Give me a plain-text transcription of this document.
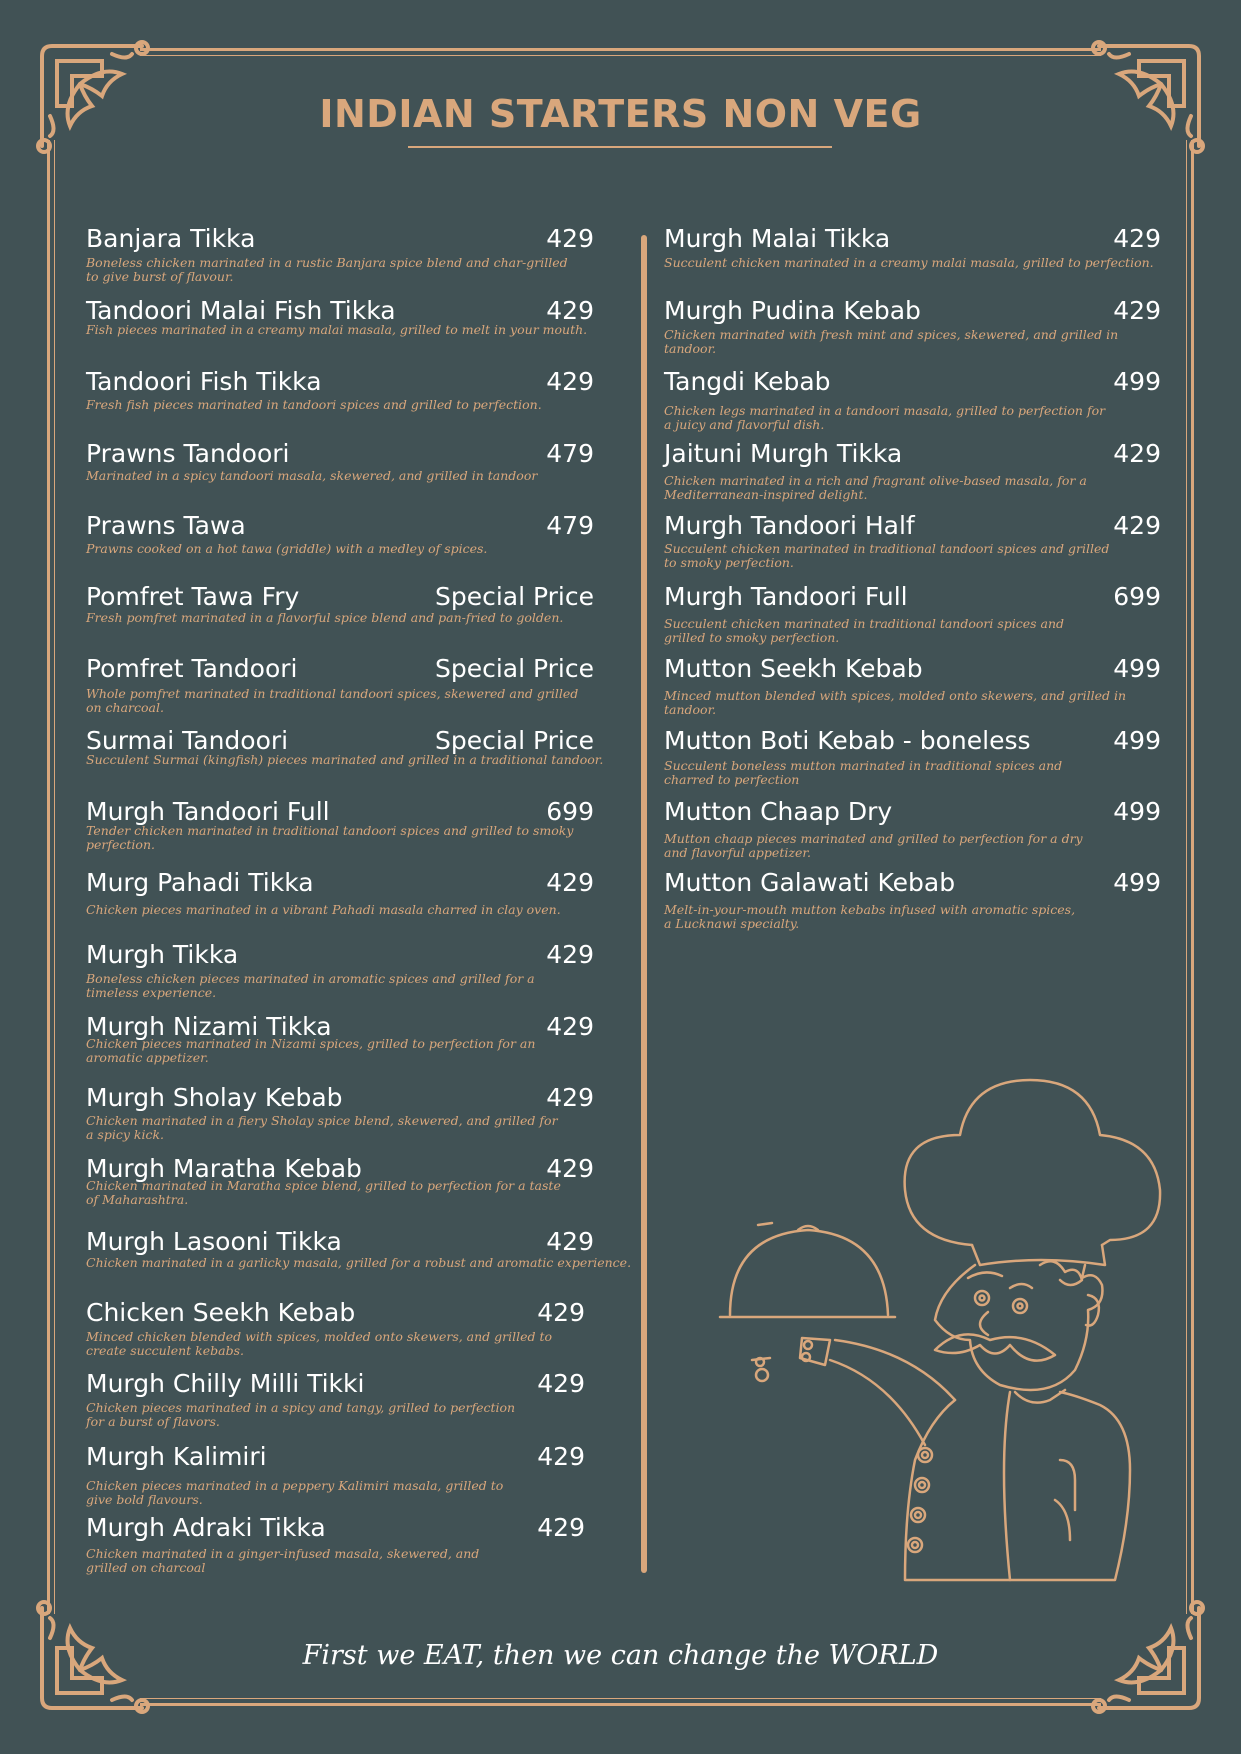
INDIAN STARTERS NON VEG
Banjara Tikka	429
Boneless chicken marinated in a rustic Banjara spice blend and char-grilled
to give burst of flavour.
Tandoori Malai Fish Tikka	429
Fish pieces marinated in a creamy malai masala, grilled to melt in your mouth.
Tandoori Fish Tikka	429
Fresh fish pieces marinated in tandoori spices and grilled to perfection.
Prawns Tandoori	479
Marinated in a spicy tandoori masala, skewered, and grilled in tandoor
Prawns Tawa	479
Prawns cooked on a hot tawa (griddle) with a medley of spices.
Pomfret Tawa Fry	Special Price
Fresh pomfret marinated in a flavorful spice blend and pan-fried to golden.
Pomfret Tandoori	Special Price
Whole pomfret marinated in traditional tandoori spices, skewered and grilled
on charcoal.
Surmai Tandoori	Special Price
Succulent Surmai (kingfish) pieces marinated and grilled in a traditional tandoor.
Murgh Tandoori Full	699
Tender chicken marinated in traditional tandoori spices and grilled to smoky perfection.
Murg Pahadi Tikka	429
Chicken pieces marinated in a vibrant Pahadi masala charred in clay oven.
Murgh Tikka	429
Boneless chicken pieces marinated in aromatic spices and grilled for a
timeless experience.
Murgh Nizami Tikka	429
Chicken pieces marinated in Nizami spices, grilled to perfection for an
aromatic appetizer.
Murgh Sholay Kebab	429
Chicken marinated in a fiery Sholay spice blend, skewered, and grilled for
a spicy kick.
Murgh Maratha Kebab	429
Chicken marinated in Maratha spice blend, grilled to perfection for a taste
of Maharashtra.
Murgh Lasooni Tikka	429
Chicken marinated in a garlicky masala, grilled for a robust and aromatic experience.
Chicken Seekh Kebab	429
Minced chicken blended with spices, molded onto skewers, and grilled to
create succulent kebabs.
Murgh Chilly Milli Tikki	429
Chicken pieces marinated in a spicy and tangy, grilled to perfection
for a burst of flavors.
Murgh Kalimiri	429
Chicken pieces marinated in a peppery Kalimiri masala, grilled to
give bold flavours.
Murgh Adraki Tikka	429
Chicken marinated in a ginger-infused masala, skewered, and
grilled on charcoal
Murgh Malai Tikka	429
Succulent chicken marinated in a creamy malai masala, grilled to perfection.
Murgh Pudina Kebab	429
Chicken marinated with fresh mint and spices, skewered, and grilled in tandoor.
Tangdi Kebab	499
Chicken legs marinated in a tandoori masala, grilled to perfection for
a juicy and flavorful dish.
Jaituni Murgh Tikka	429
Chicken marinated in a rich and fragrant olive-based masala, for a
Mediterranean-inspired delight.
Murgh Tandoori Half	429
Succulent chicken marinated in traditional tandoori spices and grilled
to smoky perfection.
Murgh Tandoori Full	699
Succulent chicken marinated in traditional tandoori spices and
grilled to smoky perfection.
Mutton Seekh Kebab	499
Minced mutton blended with spices, molded onto skewers, and grilled in tandoor.
Mutton Boti Kebab - boneless	499
Succulent boneless mutton marinated in traditional spices and
charred to perfection
Mutton Chaap Dry	499
Mutton chaap pieces marinated and grilled to perfection for a dry
and flavorful appetizer.
Mutton Galawati Kebab	499
Melt-in-your-mouth mutton kebabs infused with aromatic spices,
a Lucknawi specialty.
First we EAT, then we can change the WORLD
